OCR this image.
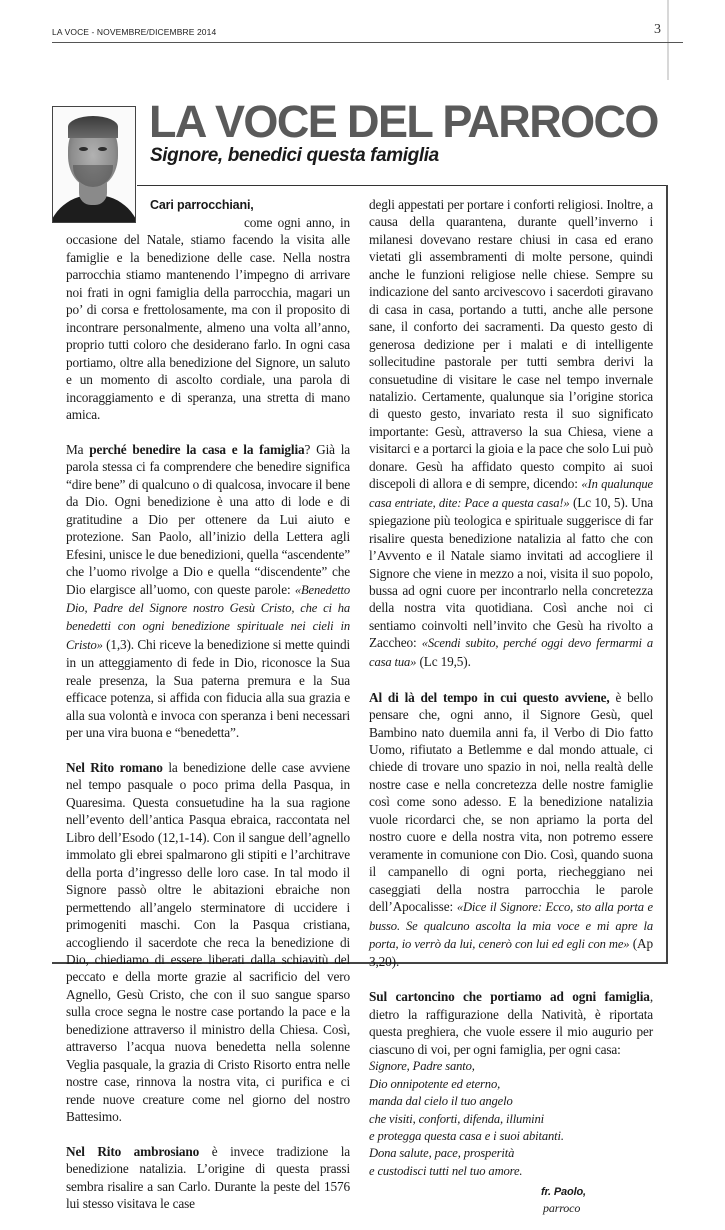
LA VOCE - NOVEMBRE/DICEMBRE 2014	3
LA VOCE DEL PARROCO
Signore, benedici questa famiglia
Cari parrocchiani,

come ogni anno, in occasione del Natale, stiamo facendo la visita alle famiglie e la benedizione delle case. Nella nostra parrocchia stiamo mantenendo l’impegno di arrivare noi frati in ogni famiglia della parrocchia, magari un po’ di corsa e frettolosamente, ma con il proposito di incontrare personalmente, almeno una volta all’anno, proprio tutti coloro che desiderano farlo. In ogni casa portiamo, oltre alla benedizione del Signore, un saluto e un momento di ascolto cordiale, una parola di incoraggiamento e di speranza, una stretta di mano amica.

Ma perché benedire la casa e la famiglia? Già la parola stessa ci fa comprendere che benedire significa “dire bene” di qualcuno o di qualcosa, invocare il bene da Dio. Ogni benedizione è una atto di lode e di gratitudine a Dio per ottenere da Lui aiuto e protezione. San Paolo, all’inizio della Lettera agli Efesini, unisce le due benedizioni, quella “ascendente” che l’uomo rivolge a Dio e quella “discendente” che Dio elargisce all’uomo, con queste parole: «Benedetto Dio, Padre del Signore nostro Gesù Cristo, che ci ha benedetti con ogni benedizione spirituale nei cieli in Cristo» (1,3). Chi riceve la benedizione si mette quindi in un atteggiamento di fede in Dio, riconosce la Sua reale presenza, la Sua paterna premura e la Sua efficace potenza, si affida con fiducia alla sua grazia e alla sua volontà e invoca con speranza i beni necessari per una vira buona e “benedetta”.

Nel Rito romano la benedizione delle case avviene nel tempo pasquale o poco prima della Pasqua, in Quaresima. Questa consuetudine ha la sua ragione nell’evento dell’antica Pasqua ebraica, raccontata nel Libro dell’Esodo (12,1-14). Con il sangue dell’agnello immolato gli ebrei spalmarono gli stipiti e l’architrave della porta d’ingresso delle loro case. In tal modo il Signore passò oltre le abitazioni ebraiche non permettendo all’angelo sterminatore di uccidere i primogeniti maschi. Con la Pasqua cristiana, accogliendo il sacerdote che reca la benedizione di Dio, chiediamo di essere liberati dalla schiavitù del peccato e della morte grazie al sacrificio del vero Agnello, Gesù Cristo, che con il suo sangue sparso sulla croce segna le nostre case portando la pace e la benedizione attraverso il ministro della Chiesa. Così, attraverso l’acqua nuova benedetta nella solenne Veglia pasquale, la grazia di Cristo Risorto entra nelle nostre case, rinnova la nostra vita, ci purifica e ci rende nuove creature come nel giorno del nostro Battesimo.

Nel Rito ambrosiano è invece tradizione la benedizione natalizia. L’origine di questa prassi sembra risalire a san Carlo. Durante la peste del 1576 lui stesso visitava le case

degli appestati per portare i conforti religiosi. Inoltre, a causa della quarantena, durante quell’inverno i milanesi dovevano restare chiusi in casa ed erano vietati gli assembramenti di molte persone, quindi anche le funzioni religiose nelle chiese. Sempre su indicazione del santo arcivescovo i sacerdoti giravano di casa in casa, portando a tutti, anche alle persone sane, il conforto dei sacramenti. Da questo gesto di generosa dedizione per i malati e di intelligente sollecitudine pastorale per tutti sembra derivi la consuetudine di visitare le case nel tempo invernale natalizio. Certamente, qualunque sia l’origine storica di questo gesto, invariato resta il suo significato importante: Gesù, attraverso la sua Chiesa, viene a visitarci e a portarci la gioia e la pace che solo Lui può donare. Gesù ha affidato questo compito ai suoi discepoli di allora e di sempre, dicendo: «In qualunque casa entriate, dite: Pace a questa casa!» (Lc 10, 5). Una spiegazione più teologica e spirituale suggerisce di far risalire questa benedizione natalizia al fatto che con l’Avvento e il Natale siamo invitati ad accogliere il Signore che viene in mezzo a noi, visita il suo popolo, bussa ad ogni cuore per incontrarlo nella concretezza della nostra vita quotidiana. Così anche noi ci sentiamo coinvolti nell’invito che Gesù ha rivolto a Zaccheo: «Scendi subito, perché oggi devo fermarmi a casa tua» (Lc 19,5).

Al di là del tempo in cui questo avviene, è bello pensare che, ogni anno, il Signore Gesù, quel Bambino nato duemila anni fa, il Verbo di Dio fatto Uomo, rifiutato a Betlemme e dal mondo attuale, ci chiede di trovare uno spazio in noi, nella realtà delle nostre case e nella concretezza delle nostre famiglie così come sono adesso. E la benedizione natalizia vuole ricordarci che, se non apriamo la porta del nostro cuore e della nostra vita, non potremo essere veramente in comunione con Dio. Così, quando suona il campanello di ogni porta, riecheggiano nei caseggiati della nostra parrocchia le parole dell’Apocalisse: «Dice il Signore: Ecco, sto alla porta e busso. Se qualcuno ascolta la mia voce e mi apre la porta, io verrò da lui, cenerò con lui ed egli con me» (Ap 3,20).

Sul cartoncino che portiamo ad ogni famiglia, dietro la raffigurazione della Natività, è riportata questa preghiera, che vuole essere il mio augurio per ciascuno di voi, per ogni famiglia, per ogni casa:

Signore, Padre santo,
Dio onnipotente ed eterno,
manda dal cielo il tuo angelo
che visiti, conforti, difenda, illumini
e protegga questa casa e i suoi abitanti.
Dona salute, pace, prosperità
e custodisci tutti nel tuo amore.
fr. Paolo,
parroco
